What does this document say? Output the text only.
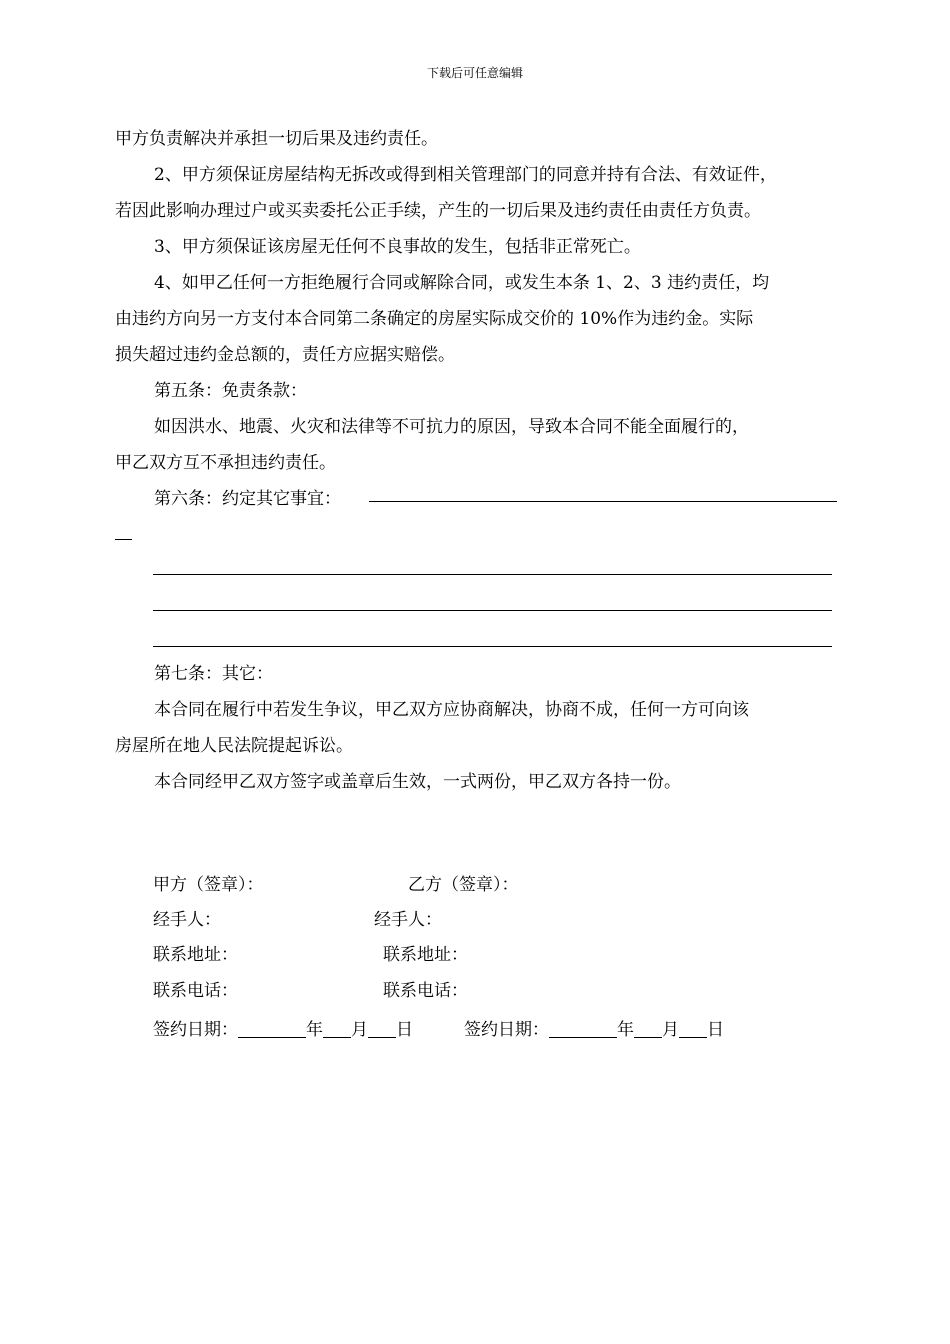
下载后可任意编辑
甲方负责解决并承担一切后果及违约责任。
2、甲方须保证房屋结构无拆改或得到相关管理部门的同意并持有合法、有效证件，
若因此影响办理过户或买卖委托公正手续，产生的一切后果及违约责任由责任方负责。
3、甲方须保证该房屋无任何不良事故的发生，包括非正常死亡。
4、如甲乙任何一方拒绝履行合同或解除合同，或发生本条 1、2、3 违约责任，均
由违约方向另一方支付本合同第二条确定的房屋实际成交价的 10%作为违约金。实际
损失超过违约金总额的，责任方应据实赔偿。
第五条：免责条款：
如因洪水、地震、火灾和法律等不可抗力的原因，导致本合同不能全面履行的，
甲乙双方互不承担违约责任。
第六条：约定其它事宜：
第七条：其它：
本合同在履行中若发生争议，甲乙双方应协商解决，协商不成，任何一方可向该
房屋所在地人民法院提起诉讼。
本合同经甲乙双方签字或盖章后生效，一式两份，甲乙双方各持一份。
甲方（签章）：
经手人：
联系地址：
联系电话：
签约日期：	年 月 日
乙方（签章）：
经手人：
联系地址：
联系电话：
签约日期：	年 月 日
